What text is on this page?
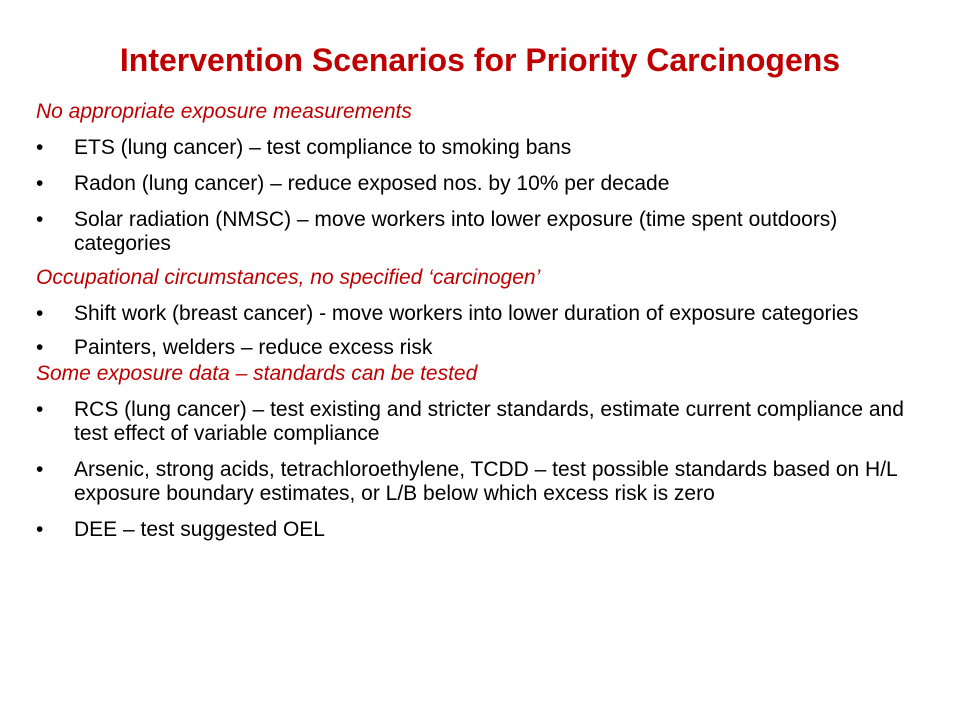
Intervention Scenarios for Priority Carcinogens

No appropriate exposure measurements

•	ETS (lung cancer) – test compliance to smoking bans

•	Radon (lung cancer) – reduce exposed nos. by 10% per decade

•	Solar radiation (NMSC) – move workers into lower exposure (time spent outdoors) categories

Occupational circumstances, no specified ‘carcinogen’

•	Shift work (breast cancer) - move workers into lower duration of exposure categories

•	Painters, welders – reduce excess risk

Some exposure data – standards can be tested

•	RCS (lung cancer) – test existing and stricter standards, estimate current compliance and test effect of variable compliance

•	Arsenic, strong acids, tetrachloroethylene, TCDD – test possible standards based on H/L exposure boundary estimates, or L/B below which excess risk is zero

•	DEE – test suggested OEL
